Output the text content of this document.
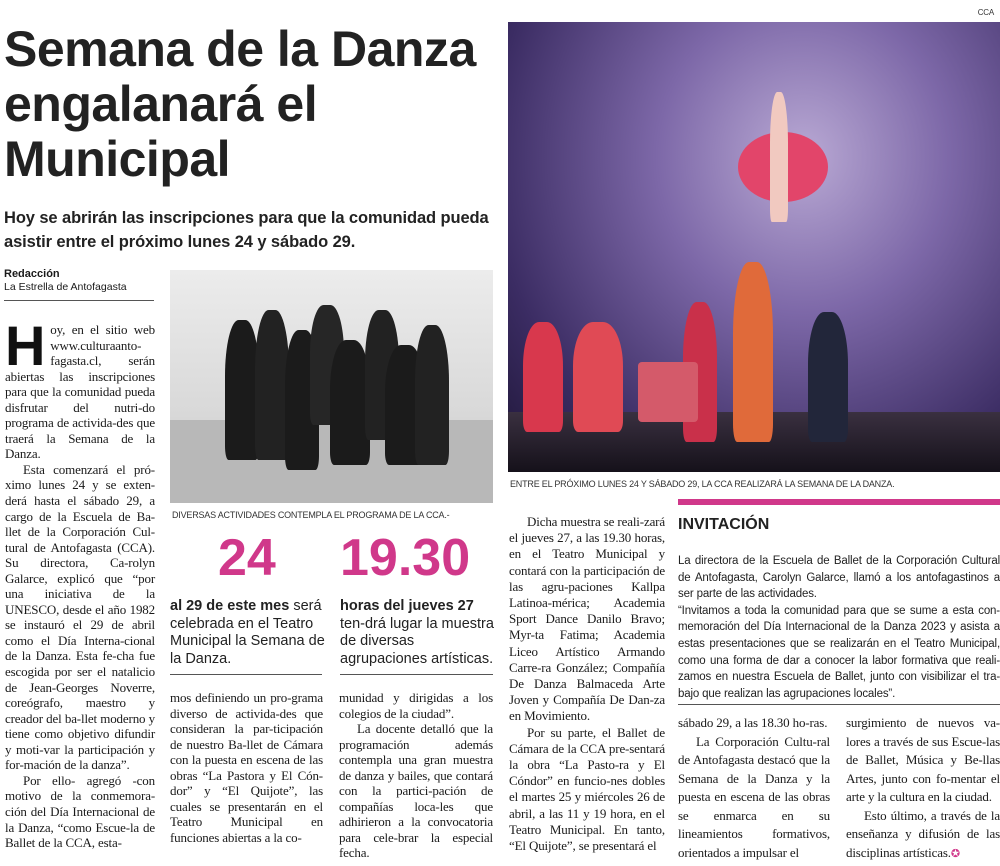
Semana de la Danza engalanará el Municipal
Hoy se abrirán las inscripciones para que la comunidad pueda asistir entre el próximo lunes 24 y sábado 29.
Redacción
La Estrella de Antofagasta

Hoy, en el sitio web www.culturaanto-fagasta.cl, serán abiertas las inscripciones para que la comunidad pueda disfrutar del nutri-do programa de activida-des que traerá la Semana de la Danza.

Esta comenzará el pró-ximo lunes 24 y se exten-derá hasta el sábado 29, a cargo de la Escuela de Ba-llet de la Corporación Cul-tural de Antofagasta (CCA). Su directora, Ca-rolyn Galarce, explicó que “por una iniciativa de la UNESCO, desde el año 1982 se instauró el 29 de abril como el Día Interna-cional de la Danza. Esta fe-cha fue escogida por ser el natalicio de Jean-Georges Noverre, coreógrafo, maestro y creador del ba-llet moderno y tiene como objetivo difundir y moti-var la participación y for-mación de la danza”.

Por ello- agregó -con motivo de la conmemora-ción del Día Internacional de la Danza, “como Escue-la de Ballet de la CCA, esta-

DIVERSAS ACTIVIDADES CONTEMPLA EL PROGRAMA DE LA CCA.-
24 19.30
al 29 de este mes será celebrada en el Teatro Municipal la Semana de la Danza.
horas del jueves 27 ten-drá lugar la muestra de diversas agrupaciones artísticas.

mos definiendo un pro-grama diverso de activida-des que consideran la par-ticipación de nuestro Ba-llet de Cámara con la puesta en escena de las obras “La Pastora y El Cón-dor” y “El Quijote”, las cuales se presentarán en el Teatro Municipal en funciones abiertas a la co-

munidad y dirigidas a los colegios de la ciudad”.

La docente detalló que la programación además contempla una gran muestra de danza y bailes, que contará con la partici-pación de compañías loca-les que adhirieron a la convocatoria para cele-brar la especial fecha.

CCA
ENTRE EL PRÓXIMO LUNES 24 Y SÁBADO 29, LA CCA REALIZARÁ LA SEMANA DE LA DANZA.

Dicha muestra se reali-zará el jueves 27, a las 19.30 horas, en el Teatro Municipal y contará con la participación de las agru-paciones Kallpa Latinoa-mérica; Academia Sport Dance Danilo Bravo; Myr-ta Fatima; Academia Liceo Artístico Armando Carre-ra González; Compañía De Danza Balmaceda Arte Joven y Compañía De Dan-za en Movimiento.

Por su parte, el Ballet de Cámara de la CCA pre-sentará la obra “La Pasto-ra y El Cóndor” en funcio-nes dobles el martes 25 y miércoles 26 de abril, a las 11 y 19 hora, en el Teatro Municipal. En tanto, “El Quijote”, se presentará el

INVITACIÓN

La directora de la Escuela de Ballet de la Corporación Cultural de Antofagasta, Carolyn Galarce, llamó a los antofagastinos a ser parte de las actividades.

“Invitamos a toda la comunidad para que se sume a esta con-memoración del Día Internacional de la Danza 2023 y asista a estas presentaciones que se realizarán en el Teatro Municipal, como una forma de dar a conocer la labor formativa que reali-zamos en nuestra Escuela de Ballet, junto con visibilizar el tra-bajo que realizan las agrupaciones locales”.

sábado 29, a las 18.30 ho-ras.

La Corporación Cultu-ral de Antofagasta destacó que la Semana de la Danza y la puesta en escena de las obras se enmarca en su lineamientos formativos, orientados a impulsar el

surgimiento de nuevos va-lores a través de sus Escue-las de Ballet, Música y Be-llas Artes, junto con fo-mentar el arte y la cultura en la ciudad.

Esto último, a través de la enseñanza y difusión de las disciplinas artísticas.✪
